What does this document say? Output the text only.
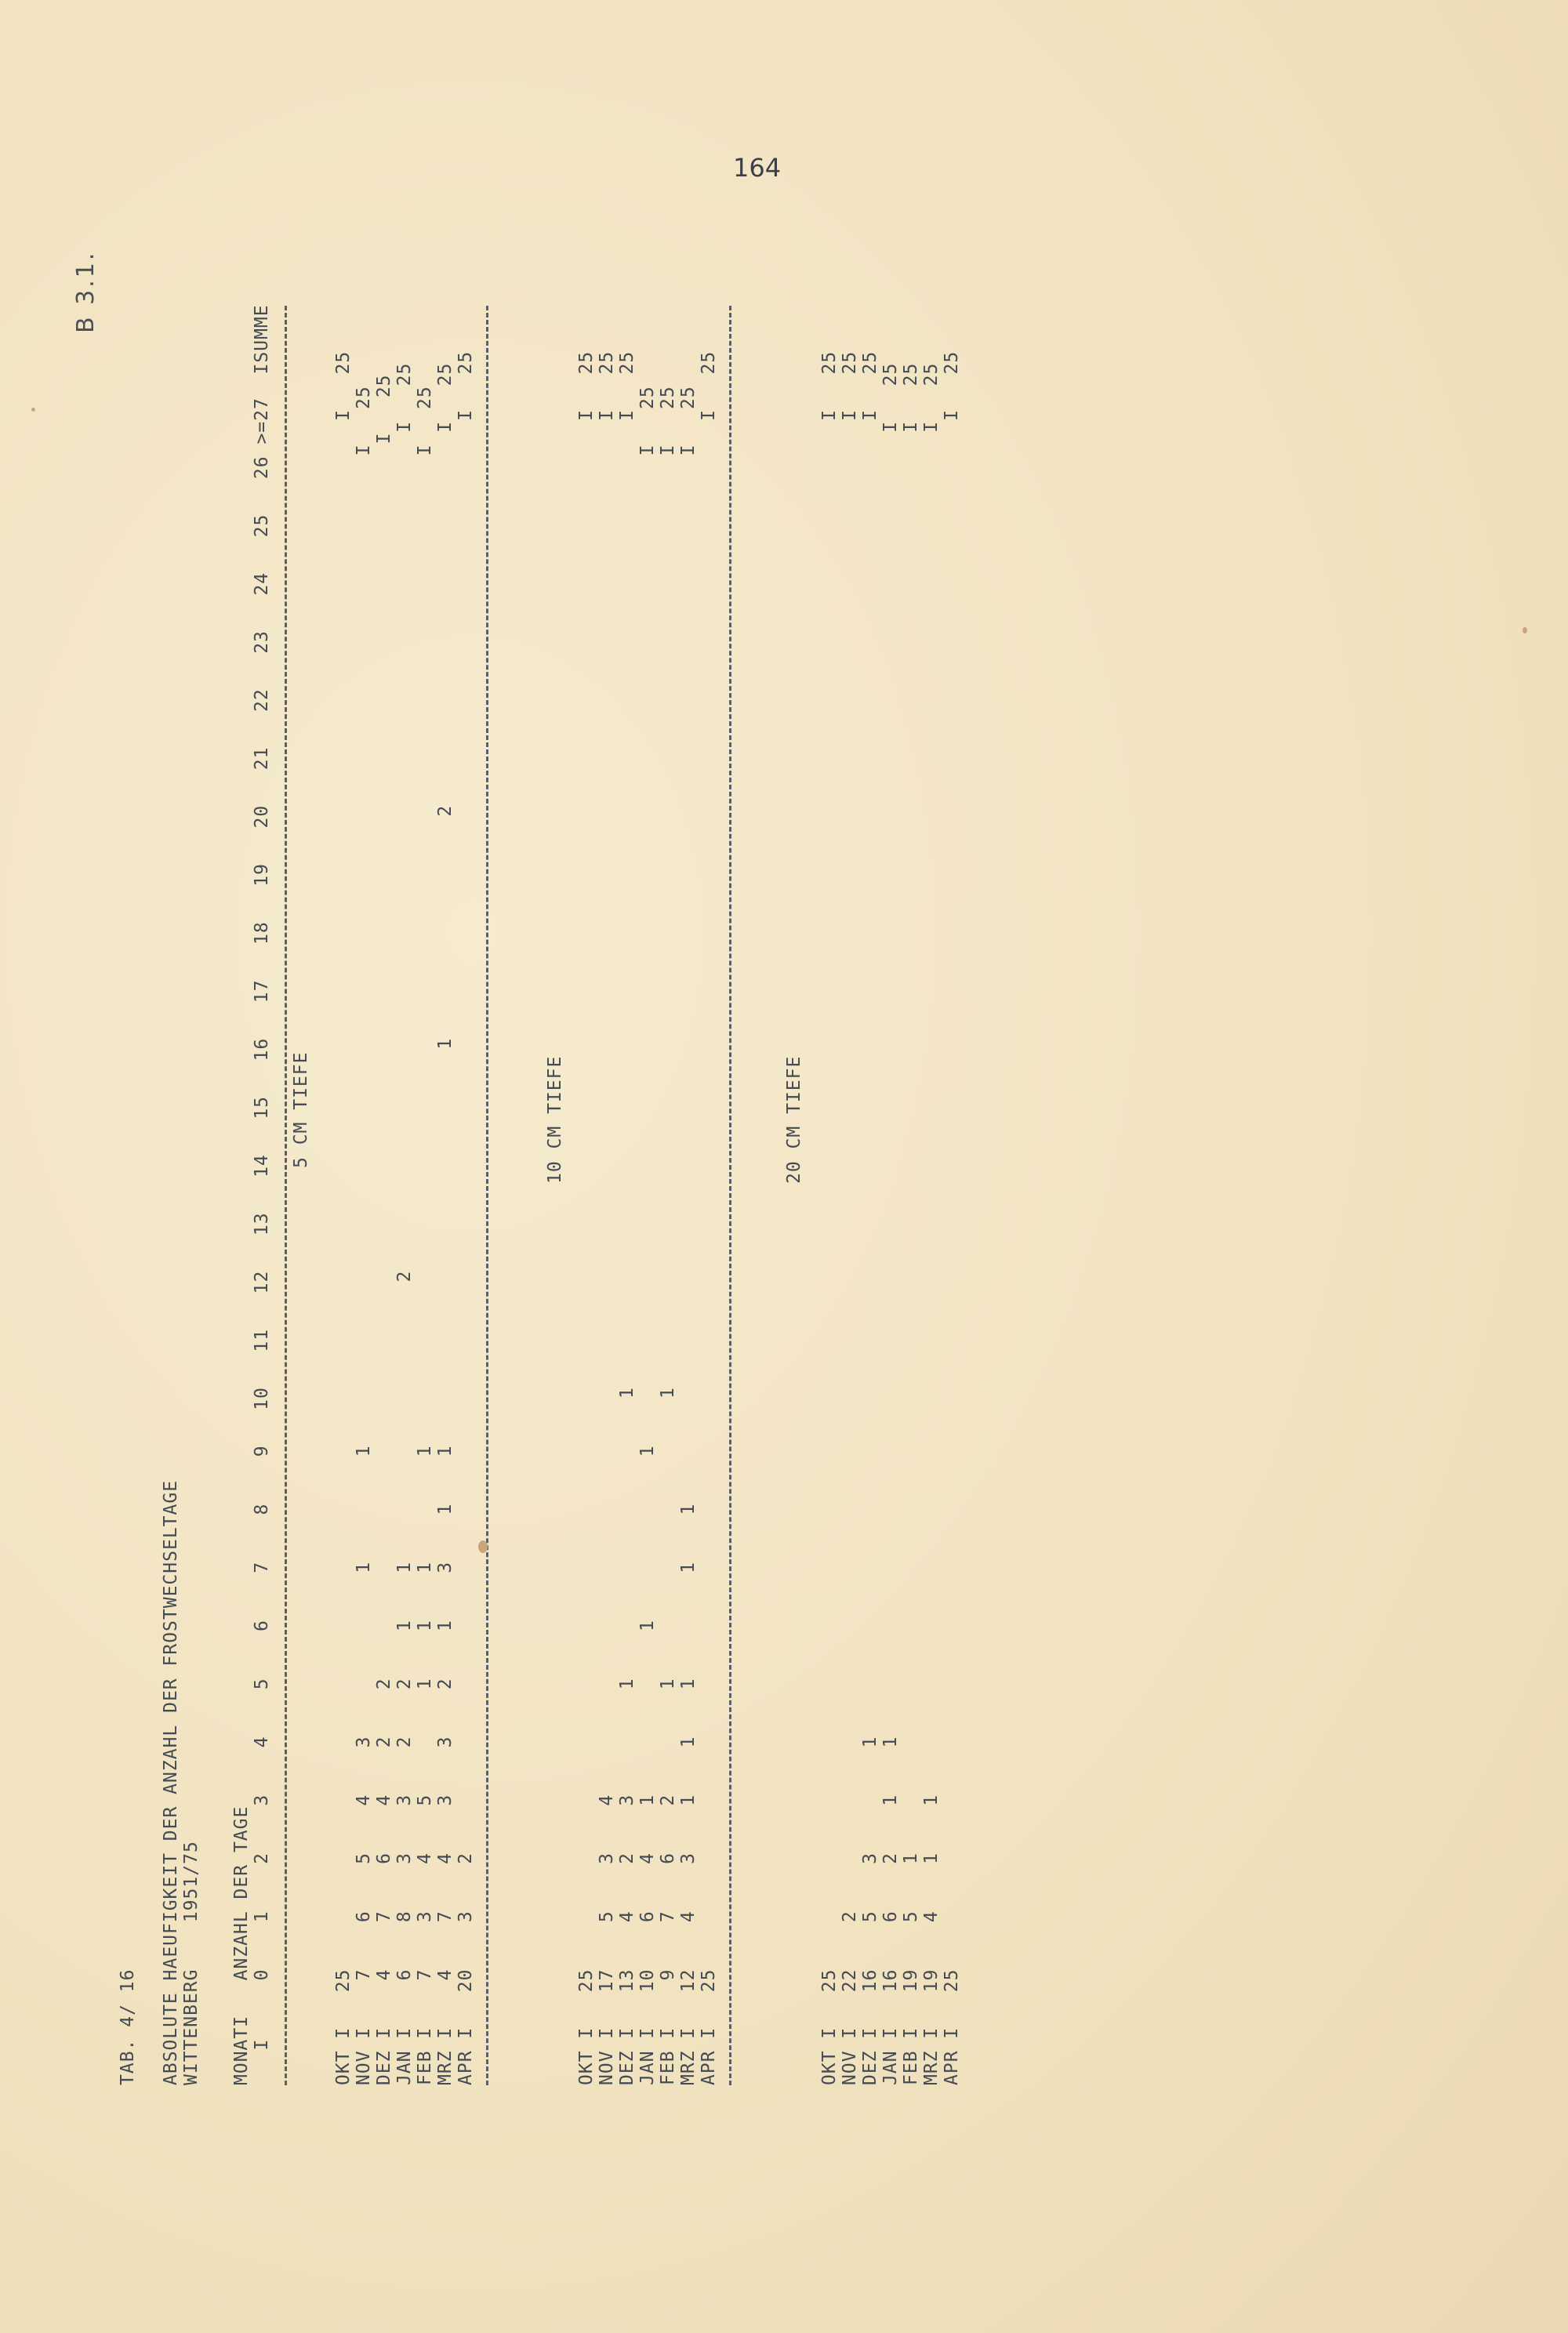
164
B 3.1.
TAB. 4/ 16 ABSOLUTE HAEUFIGKEIT DER ANZAHL DER FROSTWECHSELTAGE WITTENBERG    1951/75 MONATI   ANZAHL DER TAGE I     0    1    2    3    4    5    6    7    8    9   10   11   12   13   14   15   16   17   18   19   20   21   22   23   24   25   26 >=27  ISUMME 5 CM TIEFE OKT I   25                                                                                                                                     I   25 NOV I    7    6    5    4    3              1         1                                                                                     I   25 DEZ I    4    7    6    4    2    2                                                                                                          I   25 JAN I    6    8    3    3    2    2    1    1                        2                                                                        I   25 FEB I    7    3    4    5         1    1    1         1                                                                                     I   25 MRZ I    4    7    4    3    3    2    1    3    1    1                                  1                   2                                I   25 APR I   20    3    2                                                                                                                           I   25	10 CM TIEFE OKT I   25                                                                                                                                     I   25 NOV I   17    5    3    4                                                                                                                      I   25 DEZ I   13    4    2    3         1                        1                                                                                   I   25 JAN I   10    6    4    1              1              1                                                                                     I   25 FEB I    9    7    6    2         1                        1                                                                                I   25 MRZ I   12    4    3    1    1    1         1    1                                                                                          I   25 APR I   25                                                                                                                                     I   25	20 CM TIEFE OKT I   25                                                                                                                                     I   25 NOV I   22    2                                                                                                                                I   25 DEZ I   16    5    3         1                                                                                                                 I   25 JAN I   16    6    2    1    1                                                                                                                I   25 FEB I   19    5    1                                                                                                                          I   25 MRZ I   19    4    1    1                                                                                                                     I   25 APR I   25                                                                                                                                     I   25
